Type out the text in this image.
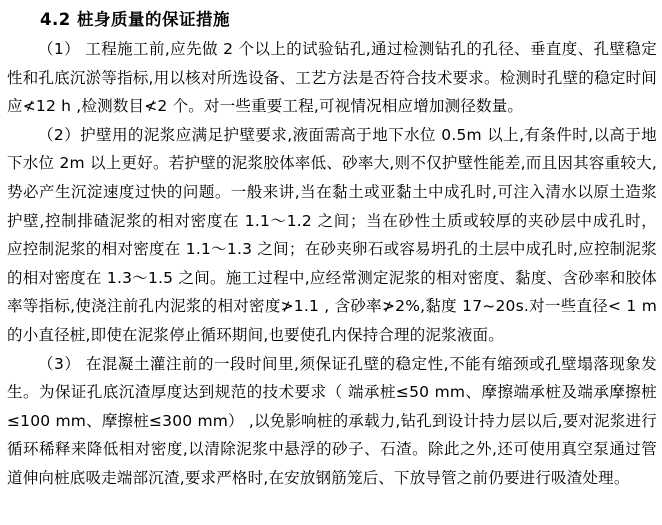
4.2 桩身质量的保证措施

（1） 工程施工前,应先做 2 个以上的试验钻孔,通过检测钻孔的孔径、垂直度、孔壁稳定性和孔底沉淤等指标,用以核对所选设备、工艺方法是否符合技术要求。检测时孔壁的稳定时间应≮12 h ,检测数目≮2 个。对一些重要工程,可视情况相应增加测径数量。

（2）护壁用的泥浆应满足护壁要求,液面需高于地下水位 0.5m 以上,有条件时,以高于地下水位 2m 以上更好。若护壁的泥浆胶体率低、砂率大,则不仅护壁性能差,而且因其容重较大,势必产生沉淀速度过快的问题。一般来讲,当在黏土或亚黏土中成孔时,可注入清水以原土造浆护壁,控制排碴泥浆的相对密度在 1.1～1.2 之间；当在砂性土质或较厚的夹砂层中成孔时， 应控制泥浆的相对密度在 1.1～1.3 之间；在砂夹卵石或容易坍孔的土层中成孔时,应控制泥浆的相对密度在 1.3～1.5 之间。施工过程中,应经常测定泥浆的相对密度、黏度、含砂率和胶体率等指标,使浇注前孔内泥浆的相对密度≯1.1 , 含砂率≯2%,黏度 17~20s.对一些直径< 1 m 的小直径桩,即使在泥浆停止循环期间,也要使孔内保持合理的泥浆液面。

（3） 在混凝土灌注前的一段时间里,须保证孔壁的稳定性,不能有缩颈或孔壁塌落现象发生。为保证孔底沉渣厚度达到规范的技术要求（ 端承桩≤50 mm、摩擦端承桩及端承摩擦桩≤100 mm、摩擦桩≤300 mm） ,以免影响桩的承载力,钻孔到设计持力层以后,要对泥浆进行循环稀释来降低相对密度,以清除泥浆中悬浮的砂子、石渣。除此之外,还可使用真空泵通过管道伸向桩底吸走端部沉渣,要求严格时,在安放钢筋笼后、下放导管之前仍要进行吸渣处理。
